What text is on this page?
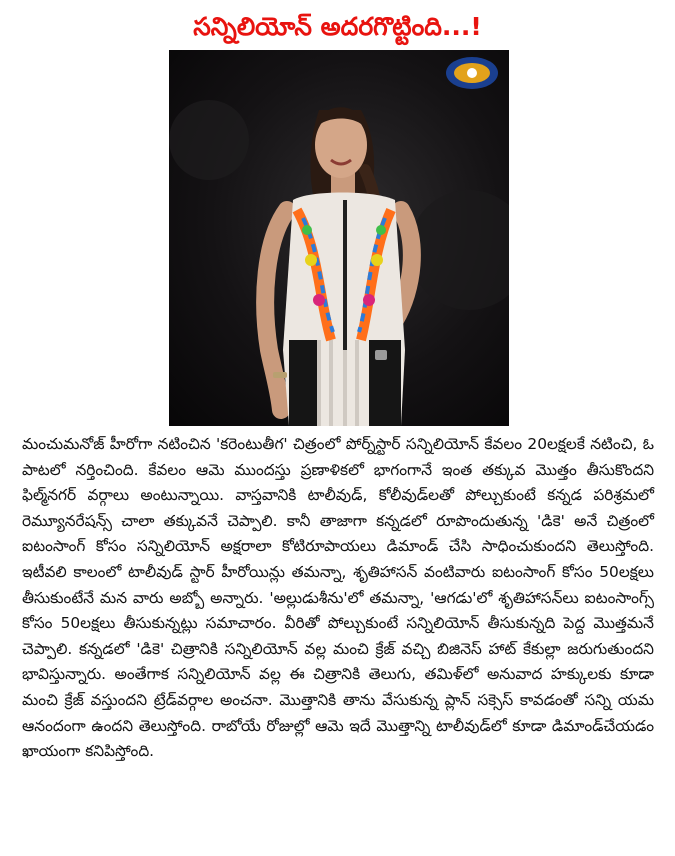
సన్నిలియోన్ అదరగొట్టింది...!

మంచుమనోజ్ హీరోగా నటించిన 'కరెంటుతీగ' చిత్రంలో పోర్న్‌స్టార్ సన్నిలియోన్ కేవలం 20లక్షలకే నటించి, ఓ పాటలో నర్తించింది. కేవలం ఆమె ముందస్తు ప్రణాళికలో భాగంగానే ఇంత తక్కువ మొత్తం తీసుకొందని ఫిల్మ్‌నగర్ వర్గాలు అంటున్నాయి. వాస్తవానికి టాలీవుడ్, కోలీవుడ్‌లతో పోల్చుకుంటే కన్నడ పరిశ్రమలో రెమ్యూనరేషన్స్ చాలా తక్కువనే చెప్పాలి. కానీ తాజాగా కన్నడలో రూపొందుతున్న 'డికె' అనే చిత్రంలో ఐటంసాంగ్ కోసం సన్నిలియోన్ అక్షరాలా కోటిరూపాయలు డిమాండ్ చేసి సాధించుకుందని తెలుస్తోంది. ఇటీవలి కాలంలో టాలీవుడ్ స్టార్ హీరోయిన్లు తమన్నా, శృతిహాసన్ వంటివారు ఐటంసాంగ్ కోసం 50లక్షలు తీసుకుంటేనే మన వారు అబ్బో అన్నారు. 'అల్లుడుశీను'లో తమన్నా, 'ఆగడు'లో శృతిహాసన్‌లు ఐటంసాంగ్స్ కోసం 50లక్షలు తీసుకున్నట్లు సమాచారం. వీరితో పోల్చుకుంటే సన్నిలియోన్ తీసుకున్నది పెద్ద మొత్తమనే చెప్పాలి. కన్నడలో 'డికె' చిత్రానికి సన్నిలియోన్ వల్ల మంచి క్రేజ్ వచ్చి బిజినెస్ హాట్ కేకుల్లా జరుగుతుందని భావిస్తున్నారు. అంతేగాక సన్నిలియోన్ వల్ల ఈ చిత్రానికి తెలుగు, తమిళ్‌లో అనువాద హక్కులకు కూడా మంచి క్రేజ్ వస్తుందని ట్రేడ్‌వర్గాల అంచనా. మొత్తానికి తాను వేసుకున్న ప్లాన్ సక్సెస్ కావడంతో సన్ని యమ ఆనందంగా ఉందని తెలుస్తోంది. రాబోయే రోజుల్లో ఆమె ఇదే మొత్తాన్ని టాలీవుడ్‌లో కూడా డిమాండ్‌చేయడం ఖాయంగా కనిపిస్తోంది.
